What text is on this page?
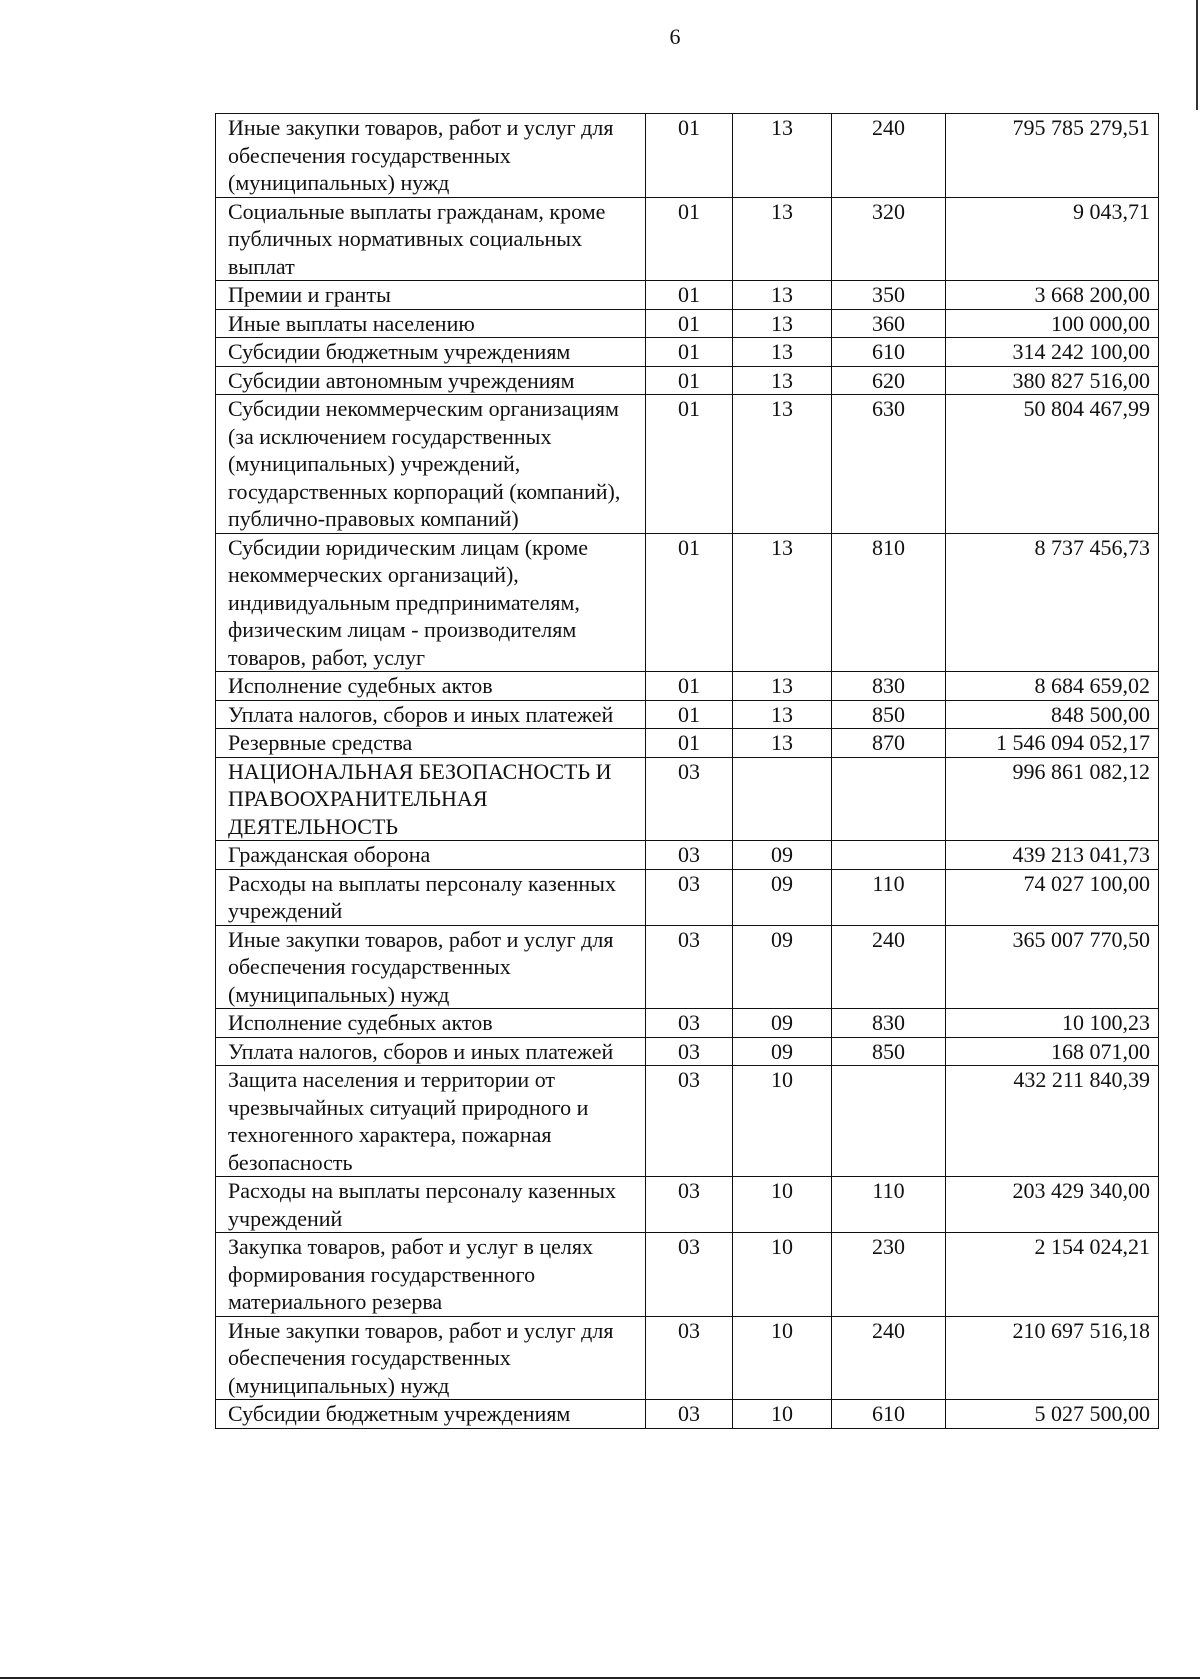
6
Иные закупки товаров, работ и услуг для обеспечения государственных (муниципальных) нужд	01	13	240	795 785 279,51
Социальные выплаты гражданам, кроме публичных нормативных социальных выплат	01	13	320	9 043,71
Премии и гранты	01	13	350	3 668 200,00
Иные выплаты населению	01	13	360	100 000,00
Субсидии бюджетным учреждениям	01	13	610	314 242 100,00
Субсидии автономным учреждениям	01	13	620	380 827 516,00
Субсидии некоммерческим организациям (за исключением государственных (муниципальных) учреждений, государственных корпораций (компаний), публично-правовых компаний)	01	13	630	50 804 467,99
Субсидии юридическим лицам (кроме некоммерческих организаций), индивидуальным предпринимателям, физическим лицам - производителям товаров, работ, услуг	01	13	810	8 737 456,73
Исполнение судебных актов	01	13	830	8 684 659,02
Уплата налогов, сборов и иных платежей	01	13	850	848 500,00
Резервные средства	01	13	870	1 546 094 052,17
НАЦИОНАЛЬНАЯ БЕЗОПАСНОСТЬ И ПРАВООХРАНИТЕЛЬНАЯ ДЕЯТЕЛЬНОСТЬ	03			996 861 082,12
Гражданская оборона	03	09		439 213 041,73
Расходы на выплаты персоналу казенных учреждений	03	09	110	74 027 100,00
Иные закупки товаров, работ и услуг для обеспечения государственных (муниципальных) нужд	03	09	240	365 007 770,50
Исполнение судебных актов	03	09	830	10 100,23
Уплата налогов, сборов и иных платежей	03	09	850	168 071,00
Защита населения и территории от чрезвычайных ситуаций природного и техногенного характера, пожарная безопасность	03	10		432 211 840,39
Расходы на выплаты персоналу казенных учреждений	03	10	110	203 429 340,00
Закупка товаров, работ и услуг в целях формирования государственного материального резерва	03	10	230	2 154 024,21
Иные закупки товаров, работ и услуг для обеспечения государственных (муниципальных) нужд	03	10	240	210 697 516,18
Субсидии бюджетным учреждениям	03	10	610	5 027 500,00
